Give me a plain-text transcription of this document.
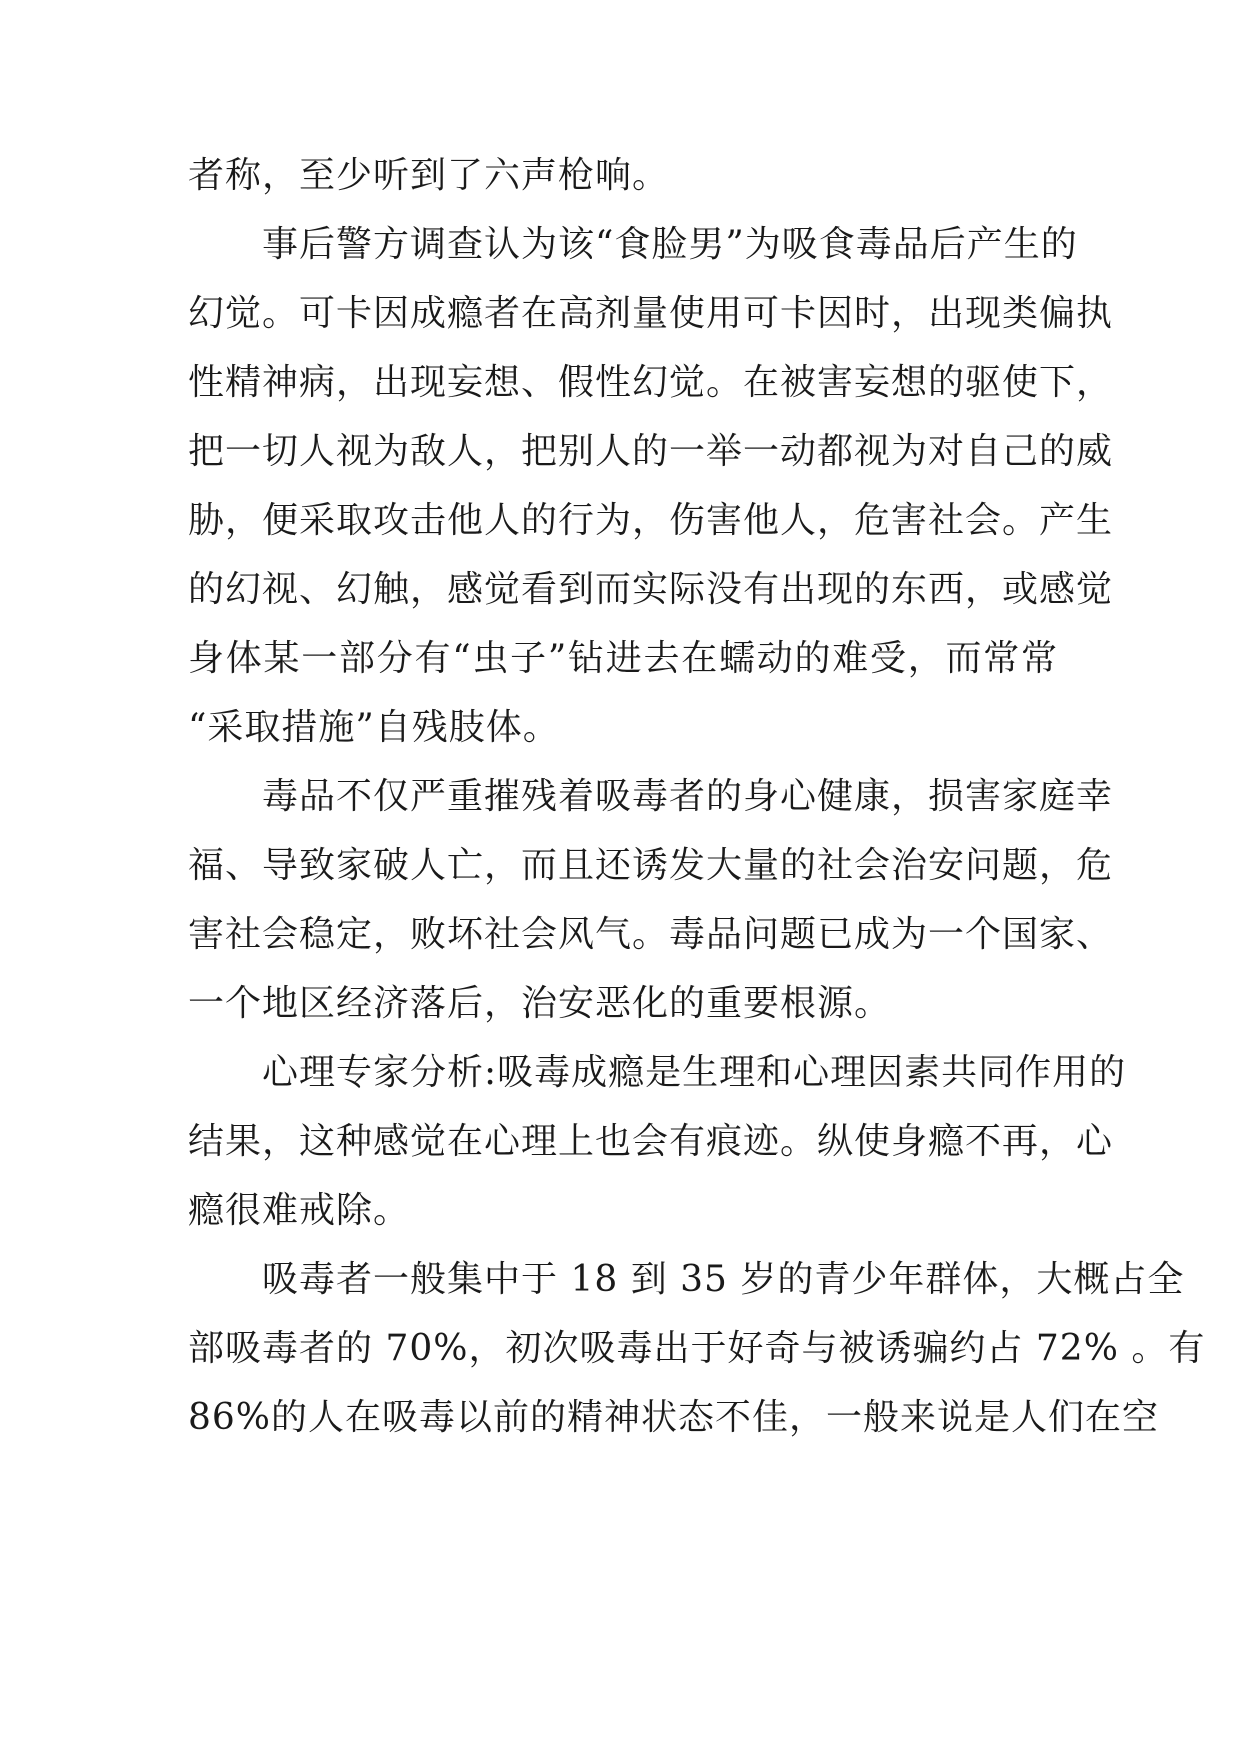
者称，至少听到了六声枪响。
事后警方调查认为该“食脸男”为吸食毒品后产生的
幻觉。可卡因成瘾者在高剂量使用可卡因时，出现类偏执
性精神病，出现妄想、假性幻觉。在被害妄想的驱使下，
把一切人视为敌人，把别人的一举一动都视为对自己的威
胁，便采取攻击他人的行为，伤害他人，危害社会。产生
的幻视、幻触，感觉看到而实际没有出现的东西，或感觉
身体某一部分有“虫子”钻进去在蠕动的难受，而常常
“采取措施”自残肢体。
毒品不仅严重摧残着吸毒者的身心健康，损害家庭幸
福、导致家破人亡，而且还诱发大量的社会治安问题，危
害社会稳定，败坏社会风气。毒品问题已成为一个国家、
一个地区经济落后，治安恶化的重要根源。
心理专家分析:吸毒成瘾是生理和心理因素共同作用的
结果，这种感觉在心理上也会有痕迹。纵使身瘾不再，心
瘾很难戒除。
吸毒者一般集中于 18 到 35 岁的青少年群体，大概占全
部吸毒者的 70%，初次吸毒出于好奇与被诱骗约占 72% 。有
86%的人在吸毒以前的精神状态不佳，一般来说是人们在空
